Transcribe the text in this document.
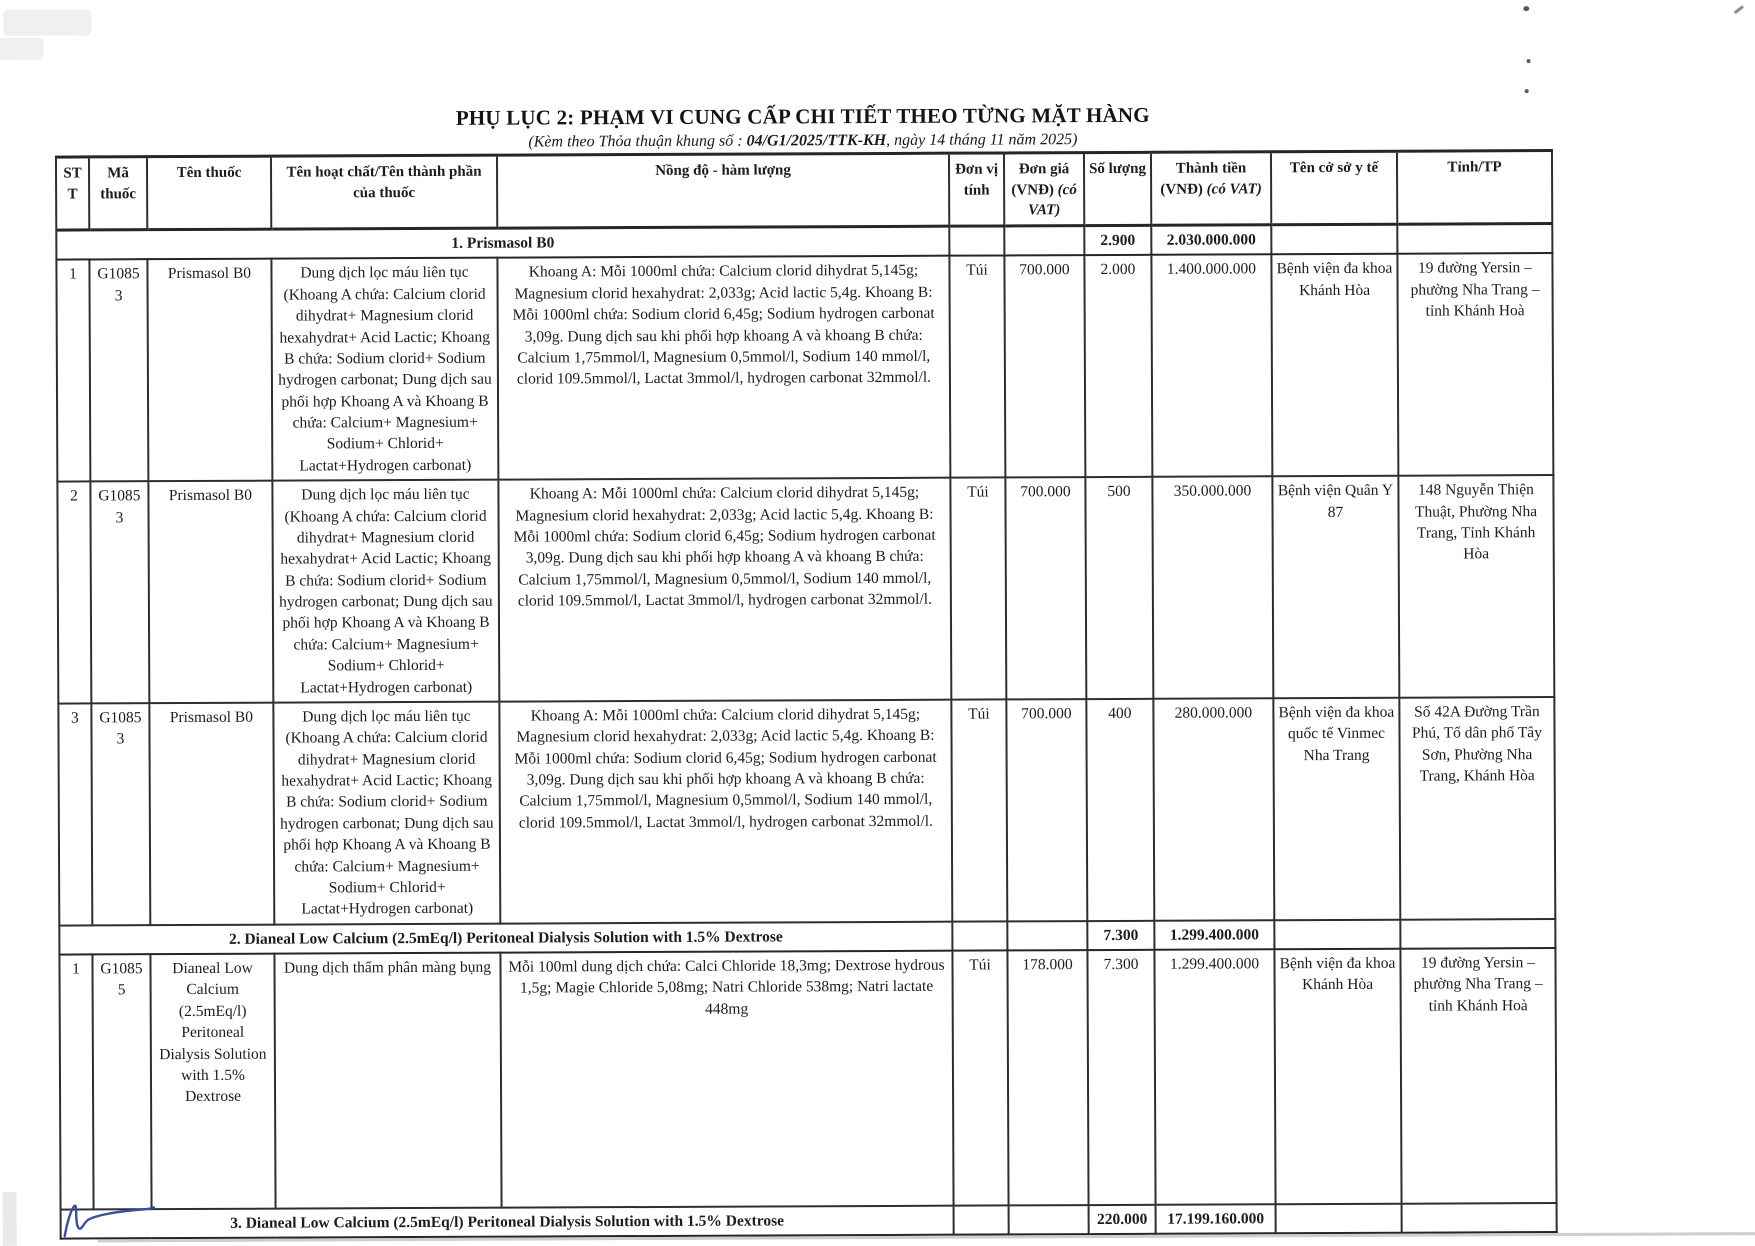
PHỤ LỤC 2: PHẠM VI CUNG CẤP CHI TIẾT THEO TỪNG MẶT HÀNG
(Kèm theo Thỏa thuận khung số : 04/G1/2025/TTK-KH, ngày 14 tháng 11 năm 2025)
STT	Mã thuốc	Tên thuốc	Tên hoạt chất/Tên thành phần của thuốc	Nồng độ - hàm lượng	Đơn vị tính	Đơn giá (VNĐ) (có VAT)	Số lượng	Thành tiền (VNĐ) (có VAT)	Tên cở sở y tế	Tỉnh/TP
1. Prismasol B0							2.900	2.030.000.000		
1	G10853	Prismasol B0	Dung dịch lọc máu liên tục (Khoang A chứa: Calcium clorid dihydrat+ Magnesium clorid hexahydrat+ Acid Lactic; Khoang B chứa: Sodium clorid+ Sodium hydrogen carbonat; Dung dịch sau phối hợp Khoang A và Khoang B chứa: Calcium+ Magnesium+ Sodium+ Chlorid+ Lactat+Hydrogen carbonat)	Khoang A: Mỗi 1000ml chứa: Calcium clorid dihydrat 5,145g; Magnesium clorid hexahydrat: 2,033g; Acid lactic 5,4g. Khoang B: Mỗi 1000ml chứa: Sodium clorid 6,45g; Sodium hydrogen carbonat 3,09g. Dung dịch sau khi phối hợp khoang A và khoang B chứa: Calcium 1,75mmol/l, Magnesium 0,5mmol/l, Sodium 140 mmol/l, clorid 109.5mmol/l, Lactat 3mmol/l, hydrogen carbonat 32mmol/l.	Túi	700.000	2.000	1.400.000.000	Bệnh viện đa khoa Khánh Hòa	19 đường Yersin – phường Nha Trang – tỉnh Khánh Hoà
2	G10853	Prismasol B0	Dung dịch lọc máu liên tục (Khoang A chứa: Calcium clorid dihydrat+ Magnesium clorid hexahydrat+ Acid Lactic; Khoang B chứa: Sodium clorid+ Sodium hydrogen carbonat; Dung dịch sau phối hợp Khoang A và Khoang B chứa: Calcium+ Magnesium+ Sodium+ Chlorid+ Lactat+Hydrogen carbonat)	Khoang A: Mỗi 1000ml chứa: Calcium clorid dihydrat 5,145g; Magnesium clorid hexahydrat: 2,033g; Acid lactic 5,4g. Khoang B: Mỗi 1000ml chứa: Sodium clorid 6,45g; Sodium hydrogen carbonat 3,09g. Dung dịch sau khi phối hợp khoang A và khoang B chứa: Calcium 1,75mmol/l, Magnesium 0,5mmol/l, Sodium 140 mmol/l, clorid 109.5mmol/l, Lactat 3mmol/l, hydrogen carbonat 32mmol/l.	Túi	700.000	500	350.000.000	Bệnh viện Quân Y 87	148 Nguyễn Thiện Thuật, Phường Nha Trang, Tỉnh Khánh Hòa
3	G10853	Prismasol B0	Dung dịch lọc máu liên tục (Khoang A chứa: Calcium clorid dihydrat+ Magnesium clorid hexahydrat+ Acid Lactic; Khoang B chứa: Sodium clorid+ Sodium hydrogen carbonat; Dung dịch sau phối hợp Khoang A và Khoang B chứa: Calcium+ Magnesium+ Sodium+ Chlorid+ Lactat+Hydrogen carbonat)	Khoang A: Mỗi 1000ml chứa: Calcium clorid dihydrat 5,145g; Magnesium clorid hexahydrat: 2,033g; Acid lactic 5,4g. Khoang B: Mỗi 1000ml chứa: Sodium clorid 6,45g; Sodium hydrogen carbonat 3,09g. Dung dịch sau khi phối hợp khoang A và khoang B chứa: Calcium 1,75mmol/l, Magnesium 0,5mmol/l, Sodium 140 mmol/l, clorid 109.5mmol/l, Lactat 3mmol/l, hydrogen carbonat 32mmol/l.	Túi	700.000	400	280.000.000	Bệnh viện đa khoa quốc tế Vinmec Nha Trang	Số 42A Đường Trần Phú, Tổ dân phố Tây Sơn, Phường Nha Trang, Khánh Hòa
2. Dianeal Low Calcium (2.5mEq/l) Peritoneal Dialysis Solution with 1.5% Dextrose							7.300	1.299.400.000		
1	G10855	Dianeal Low Calcium (2.5mEq/l) Peritoneal Dialysis Solution with 1.5% Dextrose	Dung dịch thẩm phân màng bụng	Mỗi 100ml dung dịch chứa: Calci Chloride 18,3mg; Dextrose hydrous 1,5g; Magie Chloride 5,08mg; Natri Chloride 538mg; Natri lactate 448mg	Túi	178.000	7.300	1.299.400.000	Bệnh viện đa khoa Khánh Hòa	19 đường Yersin – phường Nha Trang – tỉnh Khánh Hoà
3. Dianeal Low Calcium (2.5mEq/l) Peritoneal Dialysis Solution with 1.5% Dextrose							220.000	17.199.160.000		
